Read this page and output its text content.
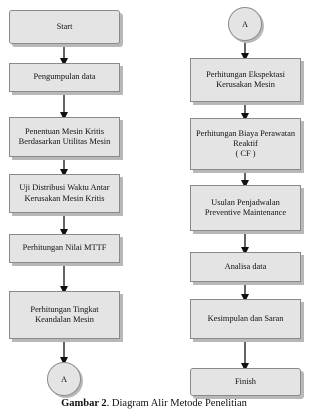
Start
Pengumpulan data
Penentuan Mesin Kritis
Berdasarkan Utilitas Mesin
Uji Distribusi Waktu Antar
Kerusakan Mesin Kritis
Perhitungan Nilai MTTF
Perhitungan Tingkat
Keandalan Mesin
A
A
Perhitungan Ekspektasi
Kerusakan Mesin
Perhitungan Biaya Perawatan
Reaktif
( CF )
Usulan Penjadwalan
Preventive Maintenance
Analisa data
Kesimpulan dan Saran
Finish
Gambar 2. Diagram Alir Metode Penelitian
